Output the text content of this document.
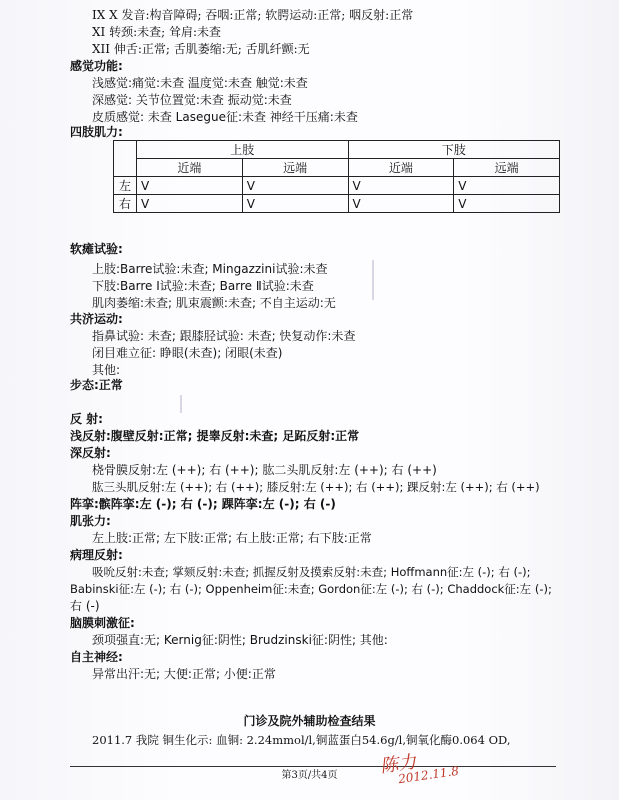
IX X 发音:构音障碍; 吞咽:正常; 软腭运动:正常; 咽反射:正常
XI 转颈:未查; 耸肩:未查
XII 伸舌:正常; 舌肌萎缩:无; 舌肌纤颤:无
感觉功能:
浅感觉:痛觉:未查 温度觉:未查 触觉:未查
深感觉: 关节位置觉:未查 振动觉:未查
皮质感觉: 未查 Lasegue征:未查 神经干压痛:未查
四肢肌力:
	上肢		下肢	
	近端	远端	近端	远端
左	V	V	V	V
右	V	V	V	V
软瘫试验:
上肢:Barre试验:未查; Mingazzini试验:未查
下肢:Barre Ⅰ试验:未查; Barre Ⅱ试验:未查
肌肉萎缩:未查; 肌束震颤:未查; 不自主运动:无
共济运动:
指鼻试验: 未查; 跟膝胫试验: 未查; 快复动作:未查
闭目难立征: 睁眼(未查); 闭眼(未查)
其他:
步态:正常
反 射:
浅反射:腹壁反射:正常; 提睾反射:未查; 足跖反射:正常
深反射:
桡骨膜反射:左 (++); 右 (++); 肱二头肌反射:左 (++); 右 (++)
肱三头肌反射:左 (++); 右 (++); 膝反射:左 (++); 右 (++); 踝反射:左 (++); 右 (++)
阵挛:髌阵挛:左 (-); 右 (-); 踝阵挛:左 (-); 右 (-)
肌张力:
左上肢:正常; 左下肢:正常; 右上肢:正常; 右下肢:正常
病理反射:
吸吮反射:未查; 掌颏反射:未查; 抓握反射及摸索反射:未查; Hoffmann征:左 (-); 右 (-);
Babinski征:左 (-); 右 (-); Oppenheim征:未查; Gordon征:左 (-); 右 (-); Chaddock征:左 (-);
右 (-)
脑膜刺激征:
颈项强直:无; Kernig征:阴性; Brudzinski征:阴性; 其他:
自主神经:
异常出汗:无; 大便:正常; 小便:正常
门诊及院外辅助检查结果
2011.7 我院 铜生化示: 血铜: 2.24mmol/l,铜蓝蛋白54.6g/l,铜氧化酶0.064 OD,
第3页/共4页	陈力
2012.11.8
